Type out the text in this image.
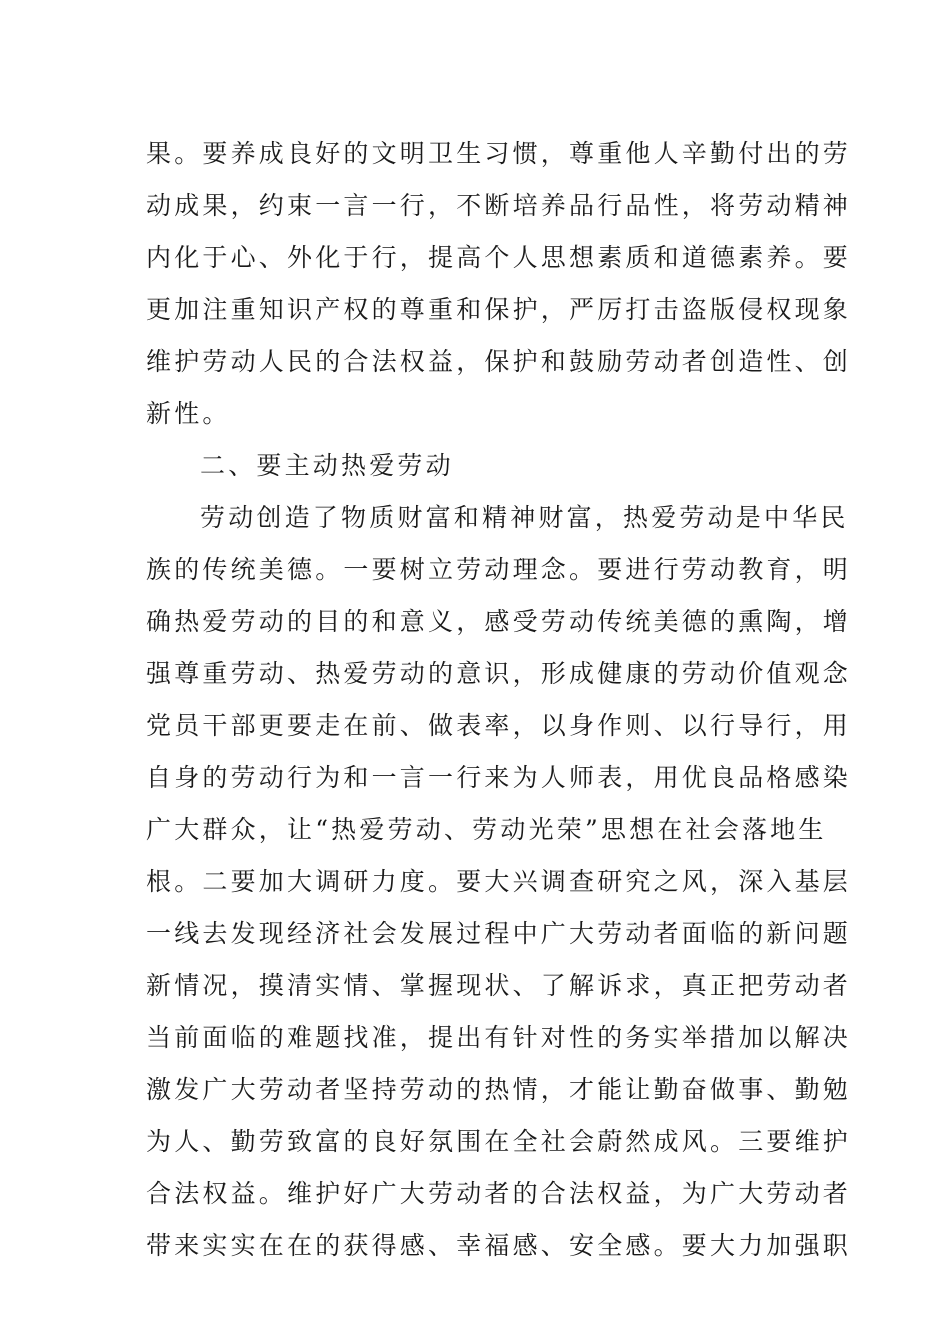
果。要养成良好的文明卫生习惯，尊重他人辛勤付出的劳
动成果，约束一言一行，不断培养品行品性，将劳动精神
内化于心、外化于行，提高个人思想素质和道德素养。要
更加注重知识产权的尊重和保护，严厉打击盗版侵权现象
维护劳动人民的合法权益，保护和鼓励劳动者创造性、创
新性。
二、要主动热爱劳动
劳动创造了物质财富和精神财富，热爱劳动是中华民
族的传统美德。一要树立劳动理念。要进行劳动教育，明
确热爱劳动的目的和意义，感受劳动传统美德的熏陶，增
强尊重劳动、热爱劳动的意识，形成健康的劳动价值观念
党员干部更要走在前、做表率，以身作则、以行导行，用
自身的劳动行为和一言一行来为人师表，用优良品格感染
广大群众，让“热爱劳动、劳动光荣”思想在社会落地生
根。二要加大调研力度。要大兴调查研究之风，深入基层
一线去发现经济社会发展过程中广大劳动者面临的新问题
新情况，摸清实情、掌握现状、了解诉求，真正把劳动者
当前面临的难题找准，提出有针对性的务实举措加以解决
激发广大劳动者坚持劳动的热情，才能让勤奋做事、勤勉
为人、勤劳致富的良好氛围在全社会蔚然成风。三要维护
合法权益。维护好广大劳动者的合法权益，为广大劳动者
带来实实在在的获得感、幸福感、安全感。要大力加强职
